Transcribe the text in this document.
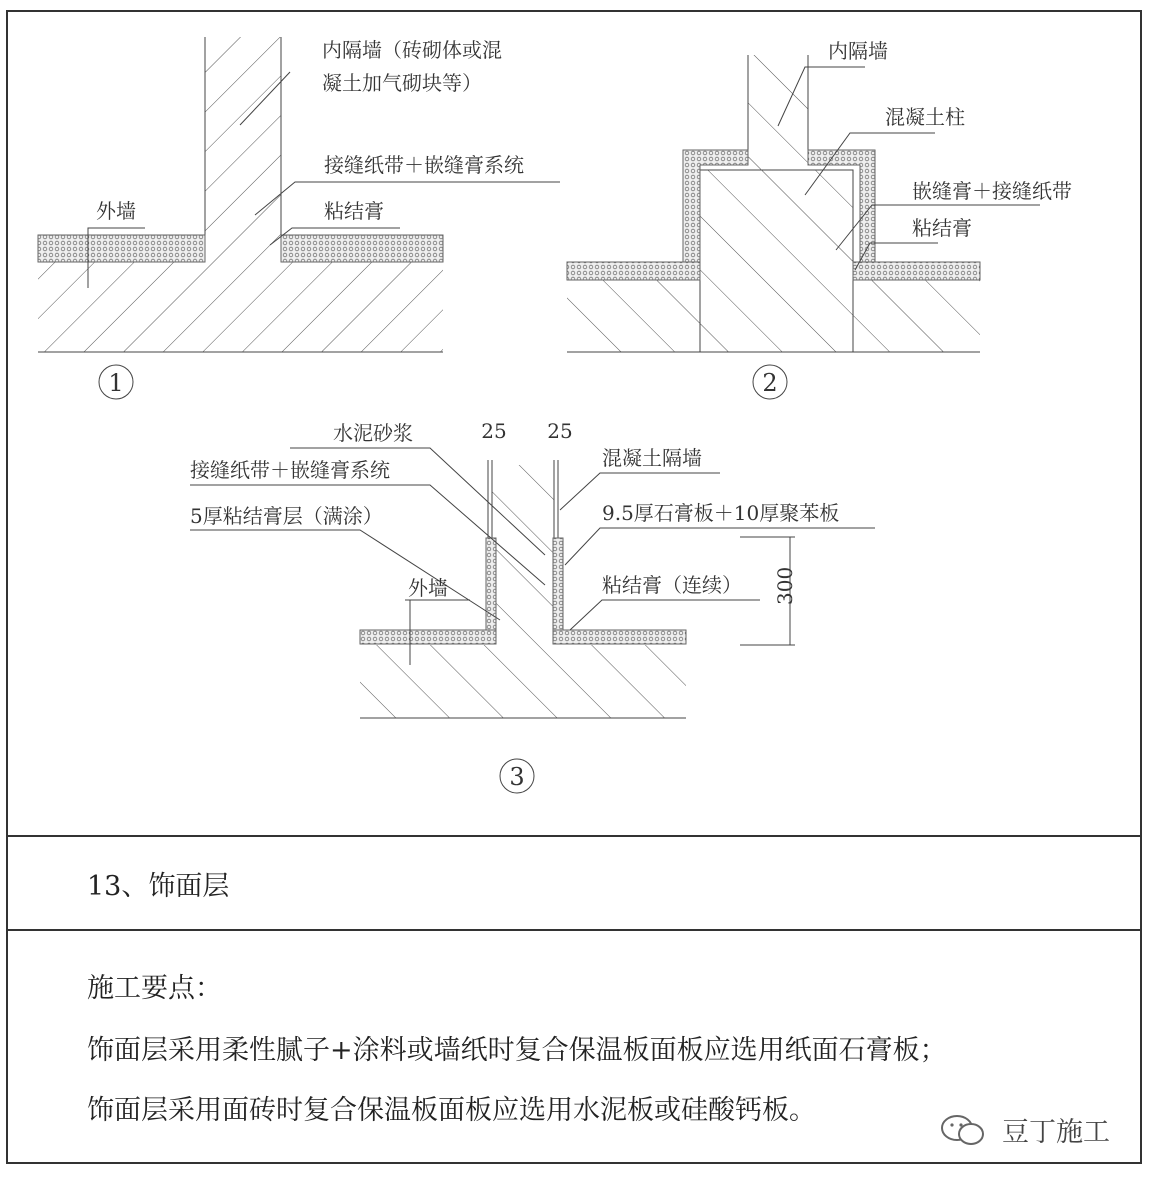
内隔墙（砖砌体或混
凝土加气砌块等）
接缝纸带＋嵌缝膏系统
粘结膏
外墙
1
内隔墙
混凝土柱
嵌缝膏＋接缝纸带
粘结膏
2
水泥砂浆
接缝纸带＋嵌缝膏系统
5厚粘结膏层（满涂）
外墙
混凝土隔墙
9.5厚石膏板＋10厚聚苯板
粘结膏（连续）
25 25
300
3
13、饰面层
施工要点：
饰面层采用柔性腻子+涂料或墙纸时复合保温板面板应选用纸面石膏板；
饰面层采用面砖时复合保温板面板应选用水泥板或硅酸钙板。
豆丁施工
